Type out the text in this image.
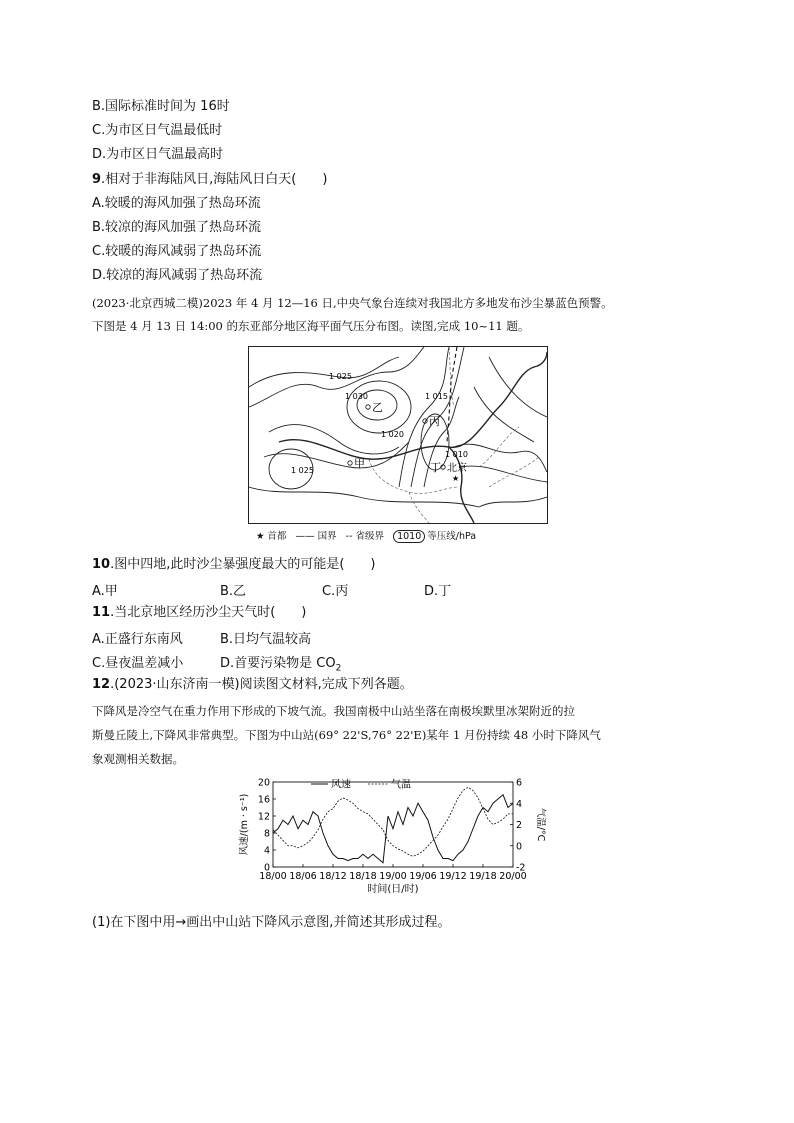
B.国际标准时间为 16时
C.为市区日气温最低时
D.为市区日气温最高时
9.相对于非海陆风日,海陆风日白天(　　)
A.较暖的海风加强了热岛环流
B.较凉的海风加强了热岛环流
C.较暖的海风减弱了热岛环流
D.较凉的海风减弱了热岛环流
(2023·北京西城二模)2023 年 4 月 12—16 日,中央气象台连续对我国北方多地发布沙尘暴蓝色预警。
下图是 4 月 13 日 14:00 的东亚部分地区海平面气压分布图。读图,完成 10~11 题。
1 025
1 030
1 020
1 015
1 010
1 025
乙
甲
丙
丁 北京
★
★ 首都 —— 国界 -- 省级界 1010 等压线/hPa
10.图中四地,此时沙尘暴强度最大的可能是(　　)
A.甲	B.乙	C.丙	D.丁
11.当北京地区经历沙尘天气时(　　)
A.正盛行东南风	B.日均气温较高
C.昼夜温差减小	D.首要污染物是 $CO_2$
12.(2023·山东济南一模)阅读图文材料,完成下列各题。
下降风是冷空气在重力作用下形成的下坡气流。我国南极中山站坐落在南极埃默里冰架附近的拉
斯曼丘陵上,下降风非常典型。下图为中山站(69° 22'S,76° 22'E)某年 1 月份持续 48 小时下降风气
象观测相关数据。
18/00 18/06 18/12 18/18 19/00 19/06 19/12 19/18 20/00
0
4
8
12
16
20
-2
0
2
4
6
风速	气温
时间(日/时)
风速/(m · s⁻¹)	气温/°C
(1)在下图中用→画出中山站下降风示意图,并简述其形成过程。
